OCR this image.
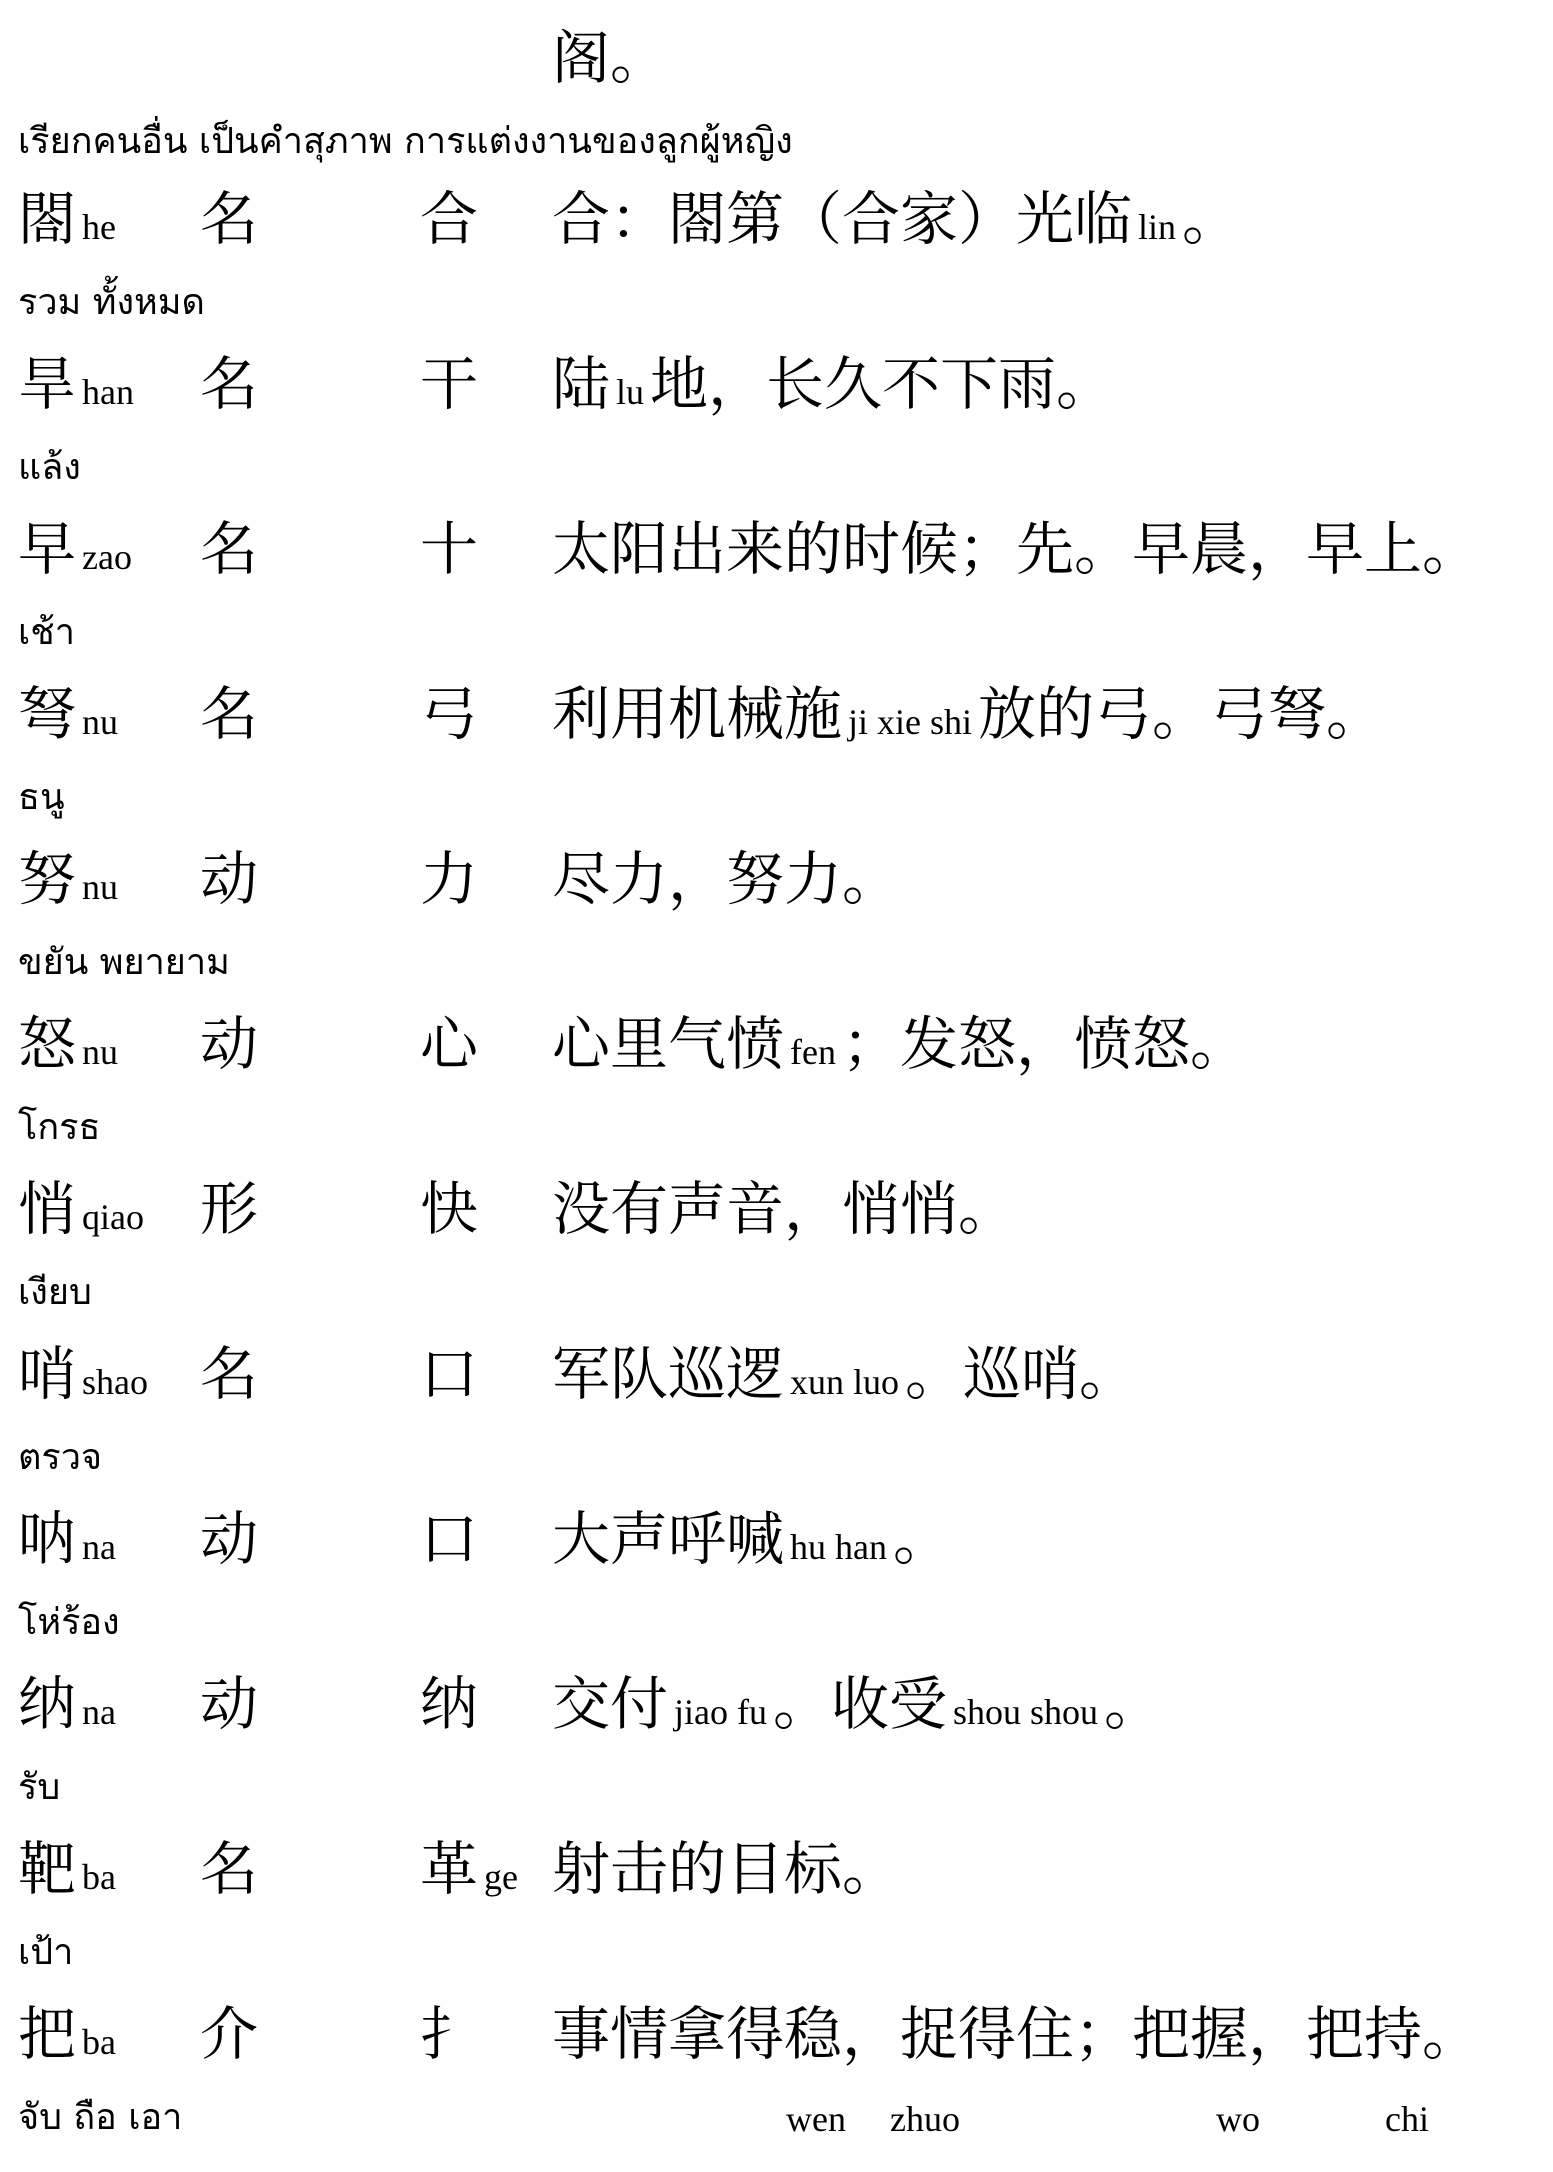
阁。
เรียกคนอื่น เป็นคำสุภาพ การแต่งงานของลูกผู้หญิง
閤he 名	合 合：閤第（合家）光临 lin 。
รวม ทั้งหมด
旱han 名	干 陆lu 地，长久不下雨。
แล้ง
早zao 名	十 太阳出来的时候；先。早晨，早上。
เช้า
弩nu 名	弓 利用机械施 ji xie shi 放的弓。弓弩。
ธนู
努nu 动	力 尽力，努力。
ขยัน พยายาม
怒nu 动	心 心里气愤 fen ；发怒，愤怒。
โกรธ
悄qiao 形	快 没有声音，悄悄。
เงียบ
哨shao 名	口 军队巡逻 xun luo 。巡哨。
ตรวจ
呐na 动	口 大声呼喊 hu han 。
โห่ร้อง
纳na 动	纳 交付 jiao fu 。收受 shou shou 。
รับ
靶ba 名	革ge 射击的目标。
เป้า
把ba 介	扌 事情拿得稳，捉得住；把握，把持。
จับ ถือ เอา	wen zhuo	wo	chi
